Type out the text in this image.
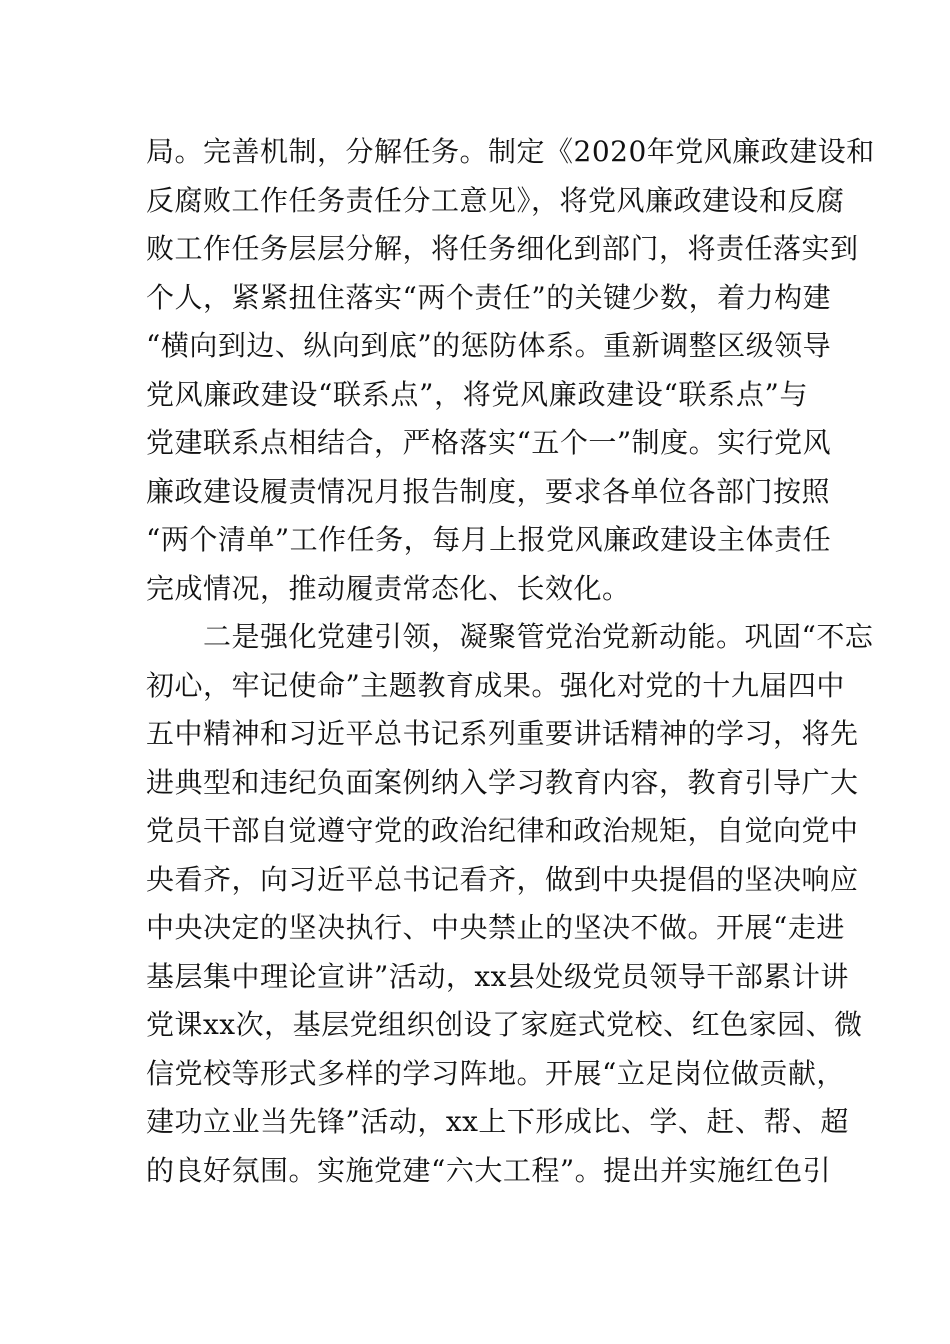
局。完善机制，分解任务。制定《2020年党风廉政建设和
反腐败工作任务责任分工意见》，将党风廉政建设和反腐
败工作任务层层分解，将任务细化到部门，将责任落实到
个人，紧紧扭住落实“两个责任”的关键少数，着力构建
“横向到边、纵向到底”的惩防体系。重新调整区级领导
党风廉政建设“联系点”，将党风廉政建设“联系点”与
党建联系点相结合，严格落实“五个一”制度。实行党风
廉政建设履责情况月报告制度，要求各单位各部门按照
“两个清单”工作任务，每月上报党风廉政建设主体责任
完成情况，推动履责常态化、长效化。
　　二是强化党建引领，凝聚管党治党新动能。巩固“不忘
初心，牢记使命”主题教育成果。强化对党的十九届四中
五中精神和习近平总书记系列重要讲话精神的学习，将先
进典型和违纪负面案例纳入学习教育内容，教育引导广大
党员干部自觉遵守党的政治纪律和政治规矩，自觉向党中
央看齐，向习近平总书记看齐，做到中央提倡的坚决响应
中央决定的坚决执行、中央禁止的坚决不做。开展“走进
基层集中理论宣讲”活动，xx县处级党员领导干部累计讲
党课xx次，基层党组织创设了家庭式党校、红色家园、微
信党校等形式多样的学习阵地。开展“立足岗位做贡献，
建功立业当先锋”活动，xx上下形成比、学、赶、帮、超
的良好氛围。实施党建“六大工程”。提出并实施红色引
